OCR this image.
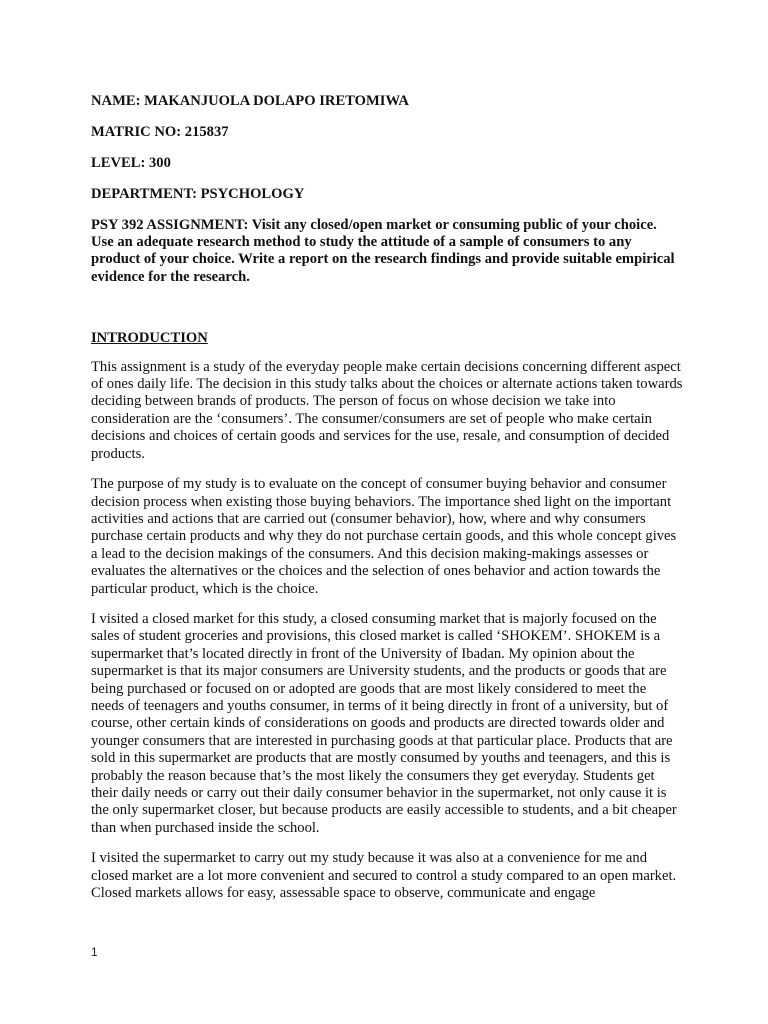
NAME: MAKANJUOLA DOLAPO IRETOMIWA

MATRIC NO: 215837

LEVEL: 300

DEPARTMENT: PSYCHOLOGY

PSY 392 ASSIGNMENT: Visit any closed/open market or consuming public of your choice. Use an adequate research method to study the attitude of a sample of consumers to any product of your choice. Write a report on the research findings and provide suitable empirical evidence for the research.

INTRODUCTION

This assignment is a study of the everyday people make certain decisions concerning different aspect of ones daily life. The decision in this study talks about the choices or alternate actions taken towards deciding between brands of products. The person of focus on whose decision we take into consideration are the ‘consumers’. The consumer/consumers are set of people who make certain decisions and choices of certain goods and services for the use, resale, and consumption of decided products.

The purpose of my study is to evaluate on the concept of consumer buying behavior and consumer decision process when existing those buying behaviors. The importance shed light on the important activities and actions that are carried out (consumer behavior), how, where and why consumers purchase certain products and why they do not purchase certain goods, and this whole concept gives a lead to the decision makings of the consumers. And this decision making-makings assesses or evaluates the alternatives or the choices and the selection of ones behavior and action towards the particular product, which is the choice.

I visited a closed market for this study, a closed consuming market that is majorly focused on the sales of student groceries and provisions, this closed market is called ‘SHOKEM’. SHOKEM is a supermarket that’s located directly in front of the University of Ibadan. My opinion about the supermarket is that its major consumers are University students, and the products or goods that are being purchased or focused on or adopted are goods that are most likely considered to meet the needs of teenagers and youths consumer, in terms of it being directly in front of a university, but of course, other certain kinds of considerations on goods and products are directed towards older and younger consumers that are interested in purchasing goods at that particular place. Products that are sold in this supermarket are products that are mostly consumed by youths and teenagers, and this is probably the reason because that’s the most likely the consumers they get everyday. Students get their daily needs or carry out their daily consumer behavior in the supermarket, not only cause it is the only supermarket closer, but because products are easily accessible to students, and a bit cheaper than when purchased inside the school.

I visited the supermarket to carry out my study because it was also at a convenience for me and closed market are a lot more convenient and secured to control a study compared to an open market. Closed markets allows for easy, assessable space to observe, communicate and engage

1
